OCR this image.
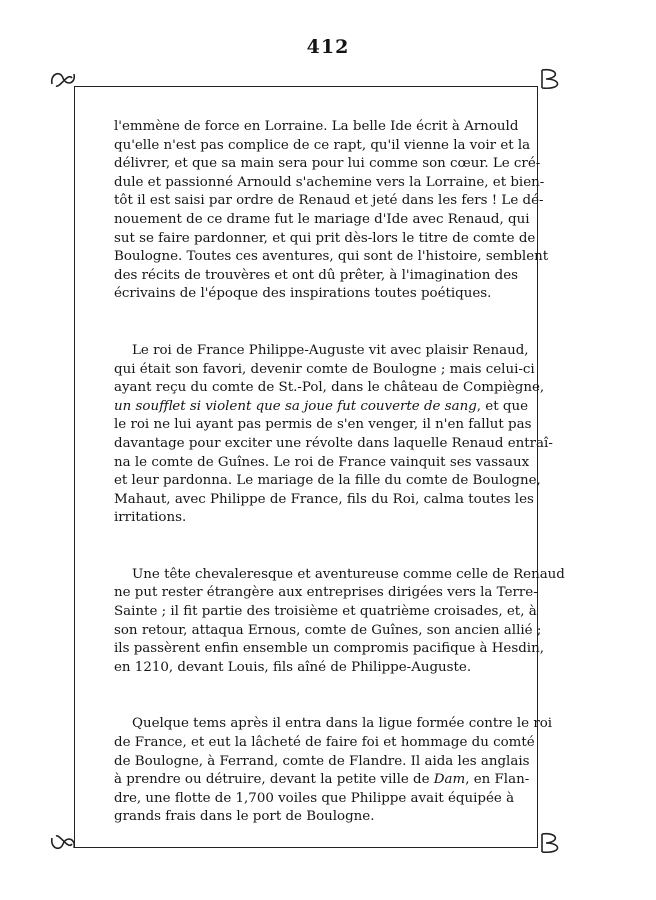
412

l'emmène de force en Lorraine. La belle Ide écrit à Arnould
qu'elle n'est pas complice de ce rapt, qu'il vienne la voir et la
délivrer, et que sa main sera pour lui comme son cœur. Le cré-
dule et passionné Arnould s'achemine vers la Lorraine, et bien-
tôt il est saisi par ordre de Renaud et jeté dans les fers ! Le dé-
nouement de ce drame fut le mariage d'Ide avec Renaud, qui
sut se faire pardonner, et qui prit dès-lors le titre de comte de
Boulogne. Toutes ces aventures, qui sont de l'histoire, semblent
des récits de trouvères et ont dû prêter, à l'imagination des
écrivains de l'époque des inspirations toutes poétiques.

Le roi de France Philippe-Auguste vit avec plaisir Renaud,
qui était son favori, devenir comte de Boulogne ; mais celui-ci
ayant reçu du comte de St.-Pol, dans le château de Compiègne,
un soufflet si violent que sa joue fut couverte de sang, et que
le roi ne lui ayant pas permis de s'en venger, il n'en fallut pas
davantage pour exciter une révolte dans laquelle Renaud entraî-
na le comte de Guînes. Le roi de France vainquit ses vassaux
et leur pardonna. Le mariage de la fille du comte de Boulogne,
Mahaut, avec Philippe de France, fils du Roi, calma toutes les
irritations.

Une tête chevaleresque et aventureuse comme celle de Renaud
ne put rester étrangère aux entreprises dirigées vers la Terre-
Sainte ; il fit partie des troisième et quatrième croisades, et, à
son retour, attaqua Ernous, comte de Guînes, son ancien allié ;
ils passèrent enfin ensemble un compromis pacifique à Hesdin,
en 1210, devant Louis, fils aîné de Philippe-Auguste.

Quelque tems après il entra dans la ligue formée contre le roi
de France, et eut la lâcheté de faire foi et hommage du comté
de Boulogne, à Ferrand, comte de Flandre. Il aida les anglais
à prendre ou détruire, devant la petite ville de Dam, en Flan-
dre, une flotte de 1,700 voiles que Philippe avait équipée à
grands frais dans le port de Boulogne.
